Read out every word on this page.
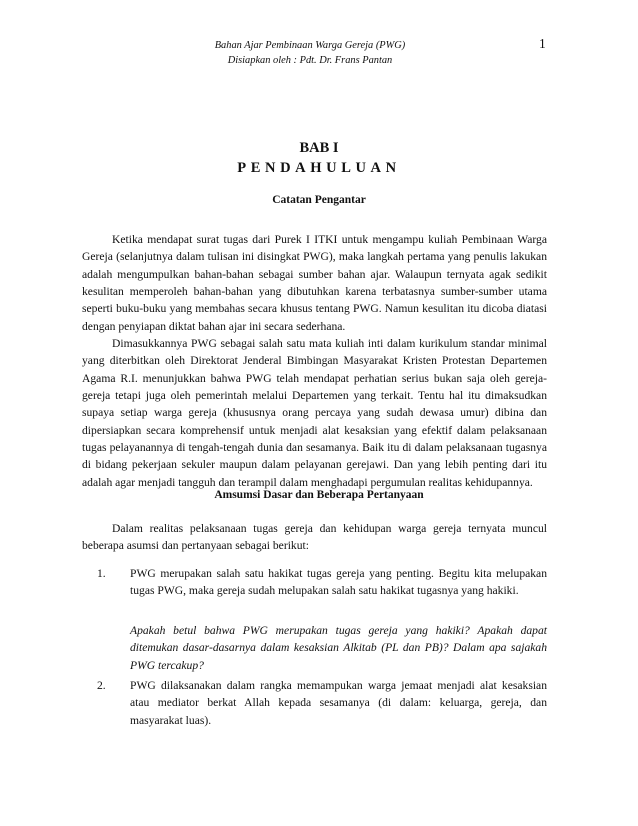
Bahan Ajar Pembinaan Warga Gereja (PWG)
Disiapkan oleh : Pdt. Dr. Frans Pantan
1
BAB I
PENDAHULUAN
Catatan Pengantar

Ketika mendapat surat tugas dari Purek I ITKI untuk mengampu kuliah Pembinaan Warga Gereja (selanjutnya dalam tulisan ini disingkat PWG), maka langkah pertama yang penulis lakukan adalah mengumpulkan bahan-bahan sebagai sumber bahan ajar. Walaupun ternyata agak sedikit kesulitan memperoleh bahan-bahan yang dibutuhkan karena terbatasnya sumber-sumber utama seperti buku-buku yang membahas secara khusus tentang PWG. Namun kesulitan itu dicoba diatasi dengan penyiapan diktat bahan ajar ini secara sederhana.

Dimasukkannya PWG sebagai salah satu mata kuliah inti dalam kurikulum standar minimal yang diterbitkan oleh Direktorat Jenderal Bimbingan Masyarakat Kristen Protestan Departemen Agama R.I. menunjukkan bahwa PWG telah mendapat perhatian serius bukan saja oleh gereja-gereja tetapi juga oleh pemerintah melalui Departemen yang terkait. Tentu hal itu dimaksudkan supaya setiap warga gereja (khususnya orang percaya yang sudah dewasa umur) dibina dan dipersiapkan secara komprehensif untuk menjadi alat kesaksian yang efektif dalam pelaksanaan tugas pelayanannya di tengah-tengah dunia dan sesamanya. Baik itu di dalam pelaksanaan tugasnya di bidang pekerjaan sekuler maupun dalam pelayanan gerejawi. Dan yang lebih penting dari itu adalah agar menjadi tangguh dan terampil dalam menghadapi pergumulan realitas kehidupannya.

Amsumsi Dasar dan Beberapa Pertanyaan

Dalam realitas pelaksanaan tugas gereja dan kehidupan warga gereja ternyata muncul beberapa asumsi dan pertanyaan sebagai berikut:

1. PWG merupakan salah satu hakikat tugas gereja yang penting. Begitu kita melupakan tugas PWG, maka gereja sudah melupakan salah satu hakikat tugasnya yang hakiki.

Apakah betul bahwa PWG merupakan tugas gereja yang hakiki? Apakah dapat ditemukan dasar-dasarnya dalam kesaksian Alkitab (PL dan PB)? Dalam apa sajakah PWG tercakup?

2. PWG dilaksanakan dalam rangka memampukan warga jemaat menjadi alat kesaksian atau mediator berkat Allah kepada sesamanya (di dalam: keluarga, gereja, dan masyarakat luas).
